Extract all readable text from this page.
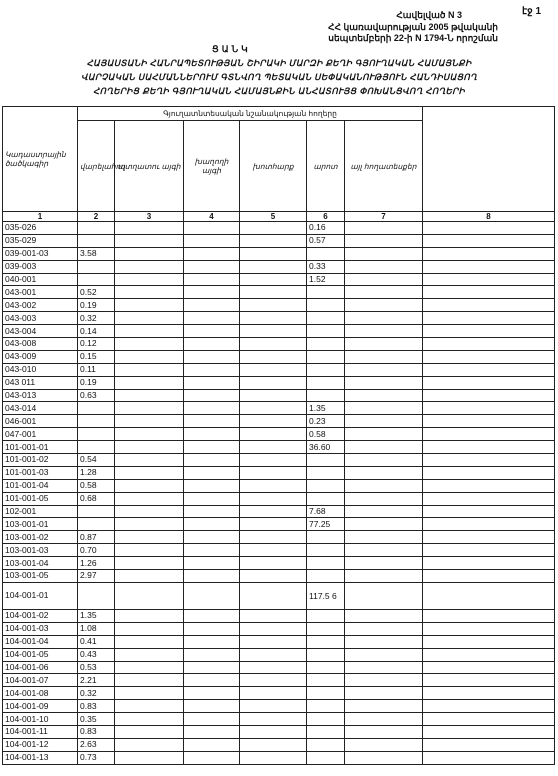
էջ 1
Հավելված N 3
ՀՀ կառավարության 2005 թվականի
սեպտեմբերի 22-ի N 1794-Ն որոշման
ՑԱՆԿ
ՀԱՅԱՍՏԱՆԻ ՀԱՆՐԱՊԵՏՈՒԹՅԱՆ ՇԻՐԱԿԻ ՄԱՐԶԻ ՔԵՂԻ ԳՅՈՒՂԱԿԱՆ ՀԱՄԱՅՆՔԻ
ՎԱՐՉԱԿԱՆ ՍԱՀՄԱՆՆԵՐՈՒՄ ԳՏՆՎՈՂ ՊԵՏԱԿԱՆ ՍԵՓԱԿԱՆՈՒԹՅՈՒՆ ՀԱՆԴԻՍԱՑՈՂ
ՀՈՂԵՐԻՑ ՔԵՂԻ ԳՅՈՒՂԱԿԱՆ ՀԱՄԱՅՆՔԻՆ ԱՆՀԱՏՈՒՅՑ ՓՈԽԱՆՑՎՈՂ ՀՈՂԵՐԻ
Կադաստրային ծածկագիր	Գյուղատնտեսական նշանակության հողերը		

	վարելահող	պտղատու այգի	խաղողի այգի	խոտհարք	արոտ	այլ հողատեսքեր		
1	2	3	4	5	6	7	8	
035-026					0.16			
035-029					0.57			
039-001-03	3.58							
039-003					0.33			
040-001					1.52			
043-001	0.52							
043-002	0.19							
043-003	0.32							
043-004	0.14							
043-008	0.12							
043-009	0.15							
043-010	0.11							
043 011	0.19							
043-013	0.63							
043-014					1.35			
046-001					0.23			
047-001					0.58			
101-001-01					36.60			
101-001-02	0.54							
101-001-03	1.28							
101-001-04	0.58							
101-001-05	0.68							
102-001					7.68			
103-001-01					77.25			
103-001-02	0.87							
103-001-03	0.70							
103-001-04	1.26							
103-001-05	2.97							
104-001-01					117.5 6			
104-001-02	1.35							
104-001-03	1.08							
104-001-04	0.41							
104-001-05	0.43							
104-001-06	0.53							
104-001-07	2.21							
104-001-08	0.32							
104-001-09	0.83							
104-001-10	0.35							
104-001-11	0.83							
104-001-12	2.63							
104-001-13	0.73							
